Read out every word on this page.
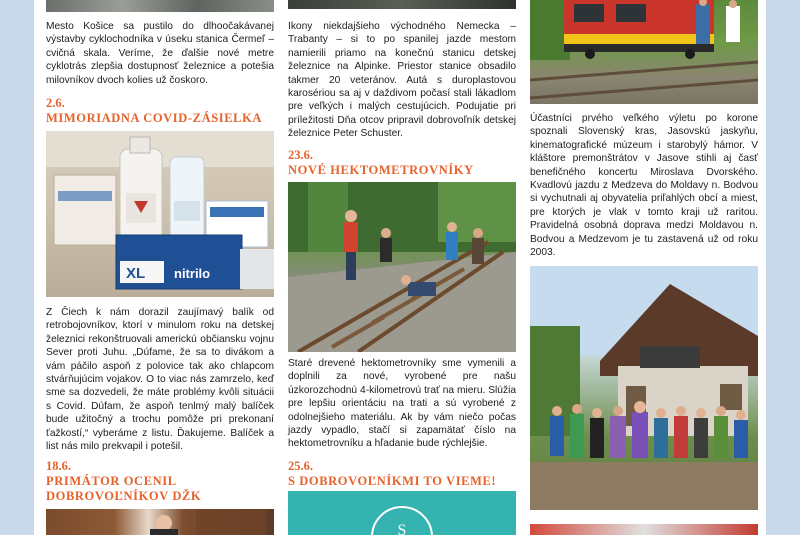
Mesto Košice sa pustilo do dlhoočakávanej výstavby cyklochodníka v úseku stanica Čermeľ – cvičná skala. Veríme, že ďalšie nové metre cyklotrás zlepšia dostupnosť železnice a potešia milovníkov dvoch kolies už čoskoro.

2.6.

MIMORIADNA COVID-ZÁSIELKA
XL nitrilo

Z Čiech k nám dorazil zaujímavý balík od retrobojovníkov, ktorí v minulom roku na detskej železnici rekonštruovali americkú občiansku vojnu Sever proti Juhu. „Dúfame, že sa to divákom a vám páčilo aspoň z polovice tak ako chlapcom stvárňujúcim vojakov. O to viac nás zamrzelo, keď sme sa dozvedeli, že máte problémy kvôli situácii s Covid. Dúfam, že aspoň tenlmý malý balíček bude užitočný a trochu pomôže pri prekonaní ťažkostí,“ vyberáme z listu. Ďakujeme. Balíček a list nás milo prekvapil i potešil.

18.6.

PRIMÁTOR OCENIL DOBROVOĽNÍKOV DŽK

Ikony niekdajšieho východného Nemecka – Trabanty – si to po spanilej jazde mestom namierili priamo na konečnú stanicu detskej železnice na Alpinke. Priestor stanice obsadilo takmer 20 veteránov. Autá s duroplastovou karosériou sa aj v daždivom počasí stali lákadlom pre veľkých i malých cestujúcich. Podujatie pri príležitosti Dňa otcov pripravil dobrovoľník detskej železnice Peter Schuster.

23.6.

NOVÉ HEKTOMETROVNÍKY

Staré drevené hektometrovníky sme vymenili a doplnili za nové, vyrobené pre našu úzkorozchodnú 4-kilometrovú trať na mieru. Slúžia pre lepšiu orientáciu na trati a sú vyrobené z odolnejšieho materiálu. Ak by vám niečo počas jazdy vypadlo, stačí si zapamätať číslo na hektometrovníku a hľadanie bude rýchlejšie.

25.6.

S DOBROVOĽNÍKMI TO VIEME!
S

Účastníci prvého veľkého výletu po korone spoznali Slovenský kras, Jasovskú jaskyňu, kinematografické múzeum i starobylý hámor. V kláštore premonštrátov v Jasove stihli aj časť benefičného koncertu Miroslava Dvorského. Kvadlovú jazdu z Medzeva do Moldavy n. Bodvou si vychutnali aj obyvatelia priľahlých obcí a miest, pre ktorých je vlak v tomto kraji už raritou. Pravidelná osobná doprava medzi Moldavou n. Bodvou a Medzevom je tu zastavená už od roku 2003.
